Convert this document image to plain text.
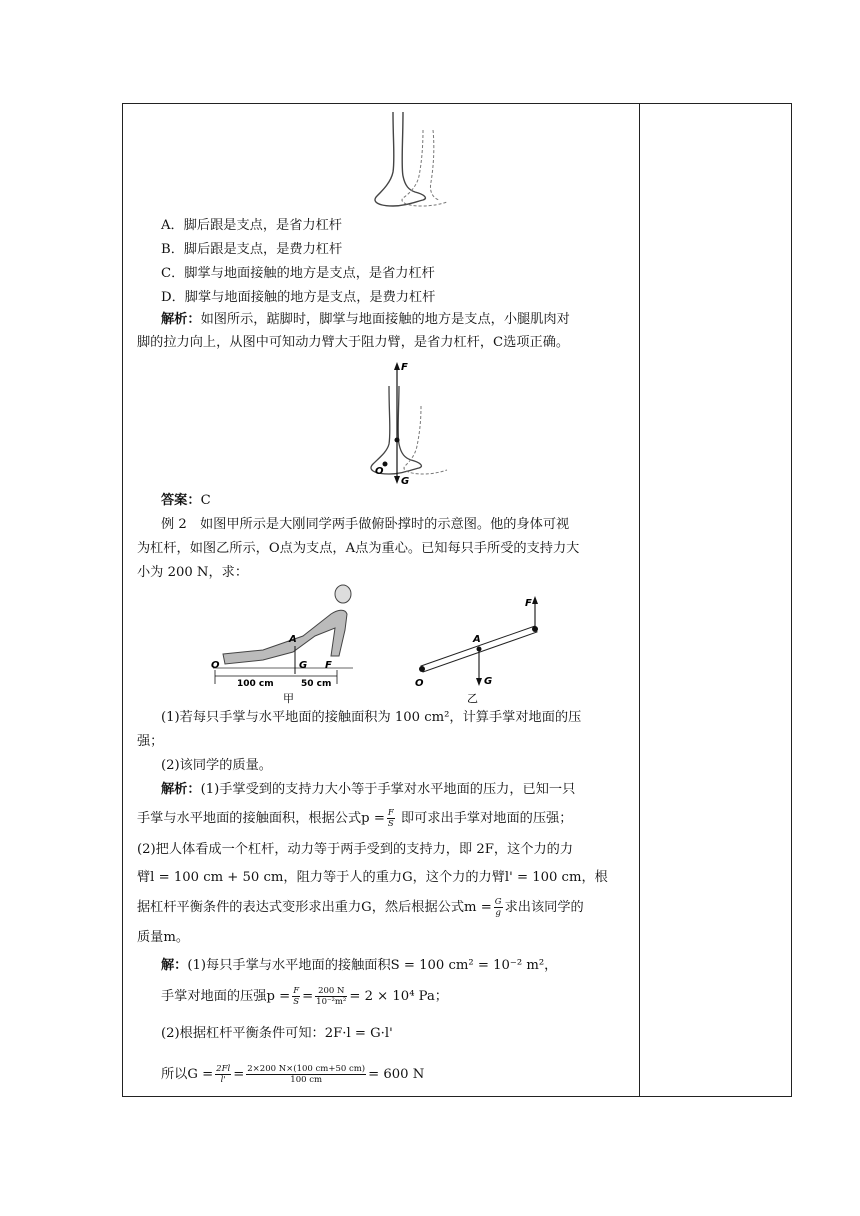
A．脚后跟是支点，是省力杠杆
B．脚后跟是支点，是费力杠杆
C．脚掌与地面接触的地方是支点，是省力杠杆
D．脚掌与地面接触的地方是支点，是费力杠杆
解析：如图所示，踮脚时，脚掌与地面接触的地方是支点，小腿肌肉对
脚的拉力向上，从图中可知动力臂大于阻力臂，是省力杠杆，C选项正确。
F
G
O
答案：C
例 2　如图甲所示是大刚同学两手做俯卧撑时的示意图。他的身体可视
为杠杆，如图乙所示，O点为支点，A点为重心。已知每只手所受的支持力大
小为 200 N，求：
A
G F
O
100 cm	50 cm
甲
F
A
G
O
乙
(1)若每只手掌与水平地面的接触面积为 100 cm²，计算手掌对地面的压
强；
(2)该同学的质量。
解析：(1)手掌受到的支持力大小等于手掌对水平地面的压力，已知一只
手掌与水平地面的接触面积，根据公式$p = \frac{F}{S}$ 即可求出手掌对地面的压强；
(2)把人体看成一个杠杆，动力等于两手受到的支持力，即 2F，这个力的力
臂l = 100 cm + 50 cm，阻力等于人的重力G，这个力的力臂l' = 100 cm，根
据杠杆平衡条件的表达式变形求出重力G，然后根据公式$m = \frac{G}{g}$ 求出该同学的
质量m。
解：(1)每只手掌与水平地面的接触面积S = 100 cm² = 10⁻² m²，
手掌对地面的压强$p = \frac{F}{S} = \frac{200 N}{\text{10⁻²m²}} = 2 \times 10^4$ Pa；
(2)根据杠杆平衡条件可知：2F·l = G·l'
所以$G = \frac{2Fl}{l'} = \frac{2\times 200 N\times(100 cm+50 cm)}{100 cm} = 600$ N
